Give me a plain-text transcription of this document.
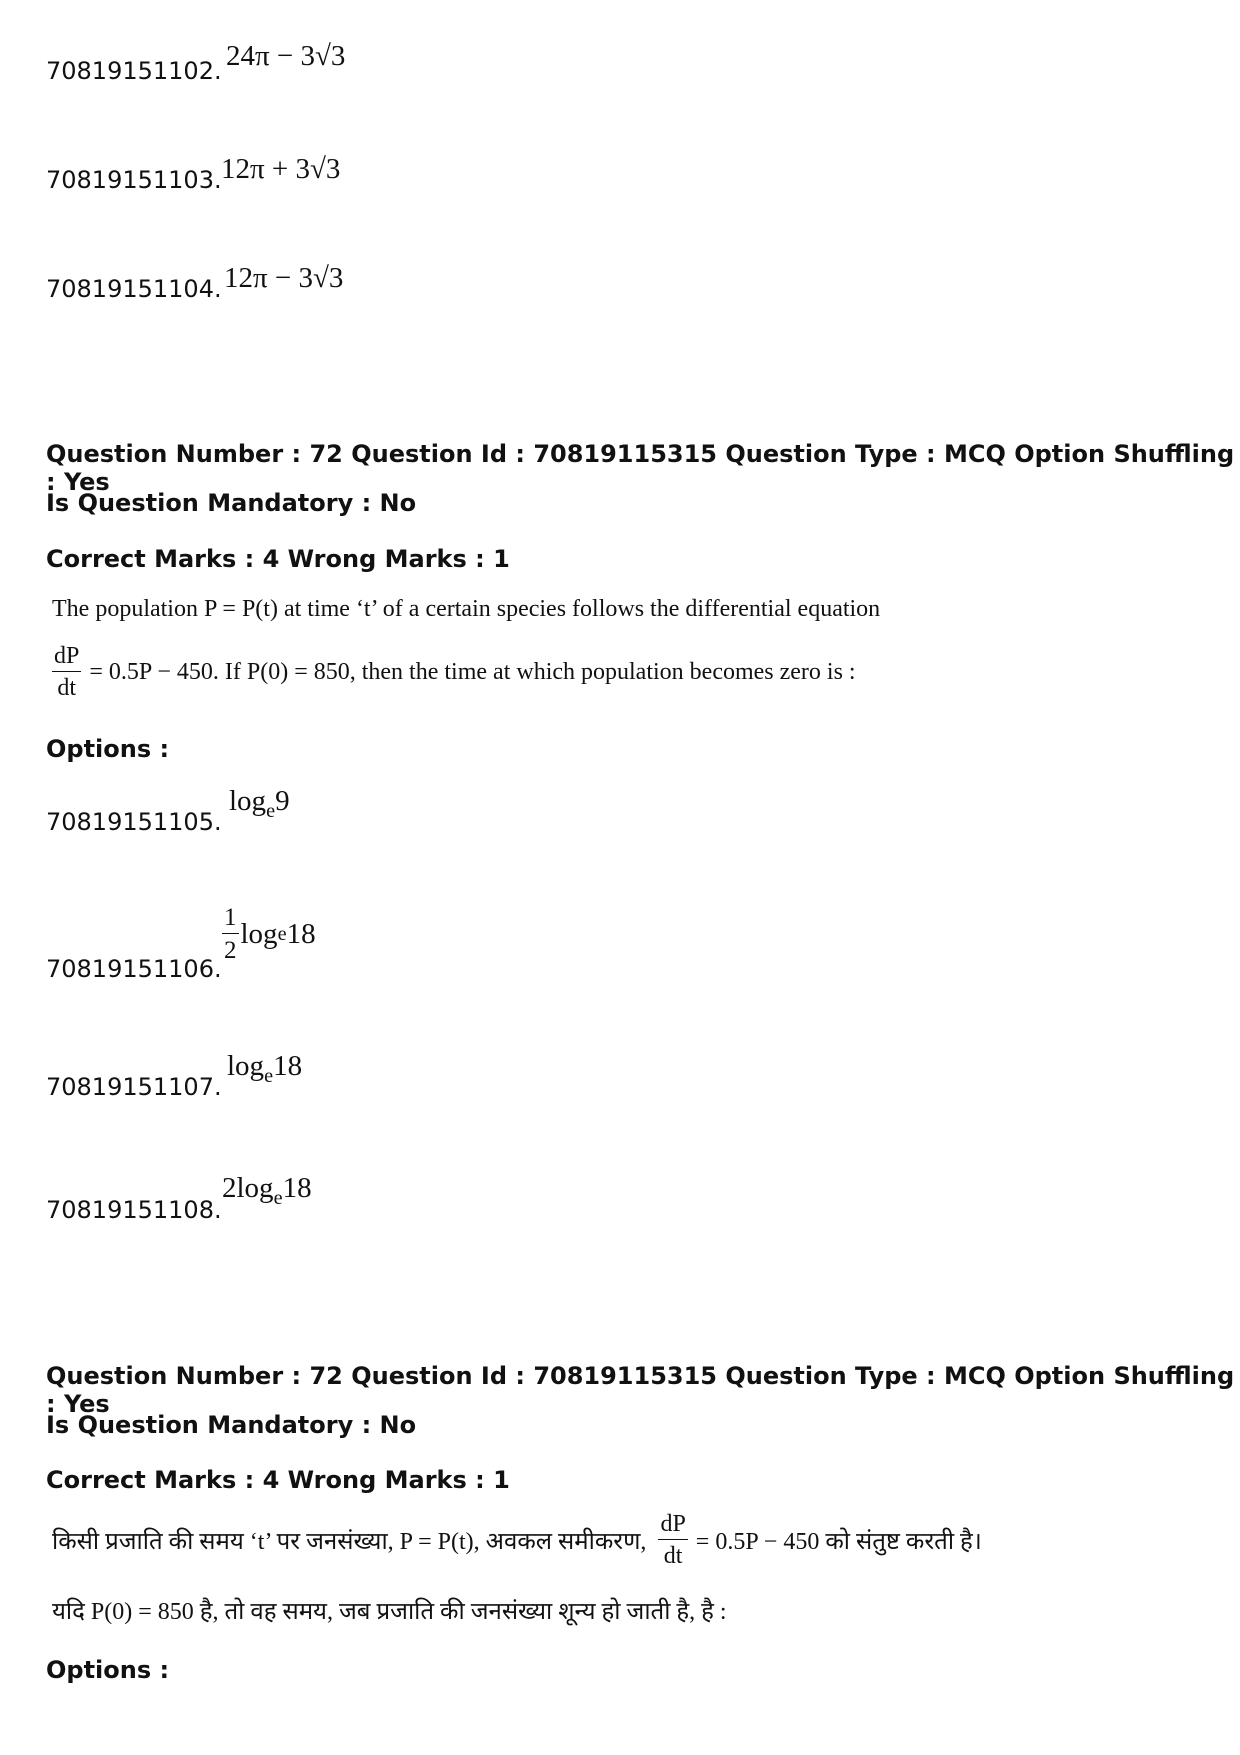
70819151102. 24π − 3√3
70819151103. 12π + 3√3
70819151104. 12π − 3√3
Question Number : 72 Question Id : 70819115315 Question Type : MCQ Option Shuffling : Yes
Is Question Mandatory : No
Correct Marks : 4 Wrong Marks : 1
The population P = P(t) at time ‘t’ of a certain species follows the differential equation
$\frac{dP}{dt} = 0.5P - 450$. If P(0) = 850, then the time at which population becomes zero is :
Options :
70819151105.
$\log_e9$
70819151106.
$\frac{1}{2}$ log e 18
70819151107.
$\log_e18$
70819151108.
$2\log_e18$
Question Number : 72 Question Id : 70819115315 Question Type : MCQ Option Shuffling : Yes
Is Question Mandatory : No
Correct Marks : 4 Wrong Marks : 1
किसी प्रजाति की समय ‘t’ पर जनसंख्या, P = P(t), अवकल समीकरण, $\frac{dP}{dt} = 0.5P - 450$ को संतुष्ट करती है।
यदि P(0) = 850 है, तो वह समय, जब प्रजाति की जनसंख्या शून्य हो जाती है, है :
Options :
